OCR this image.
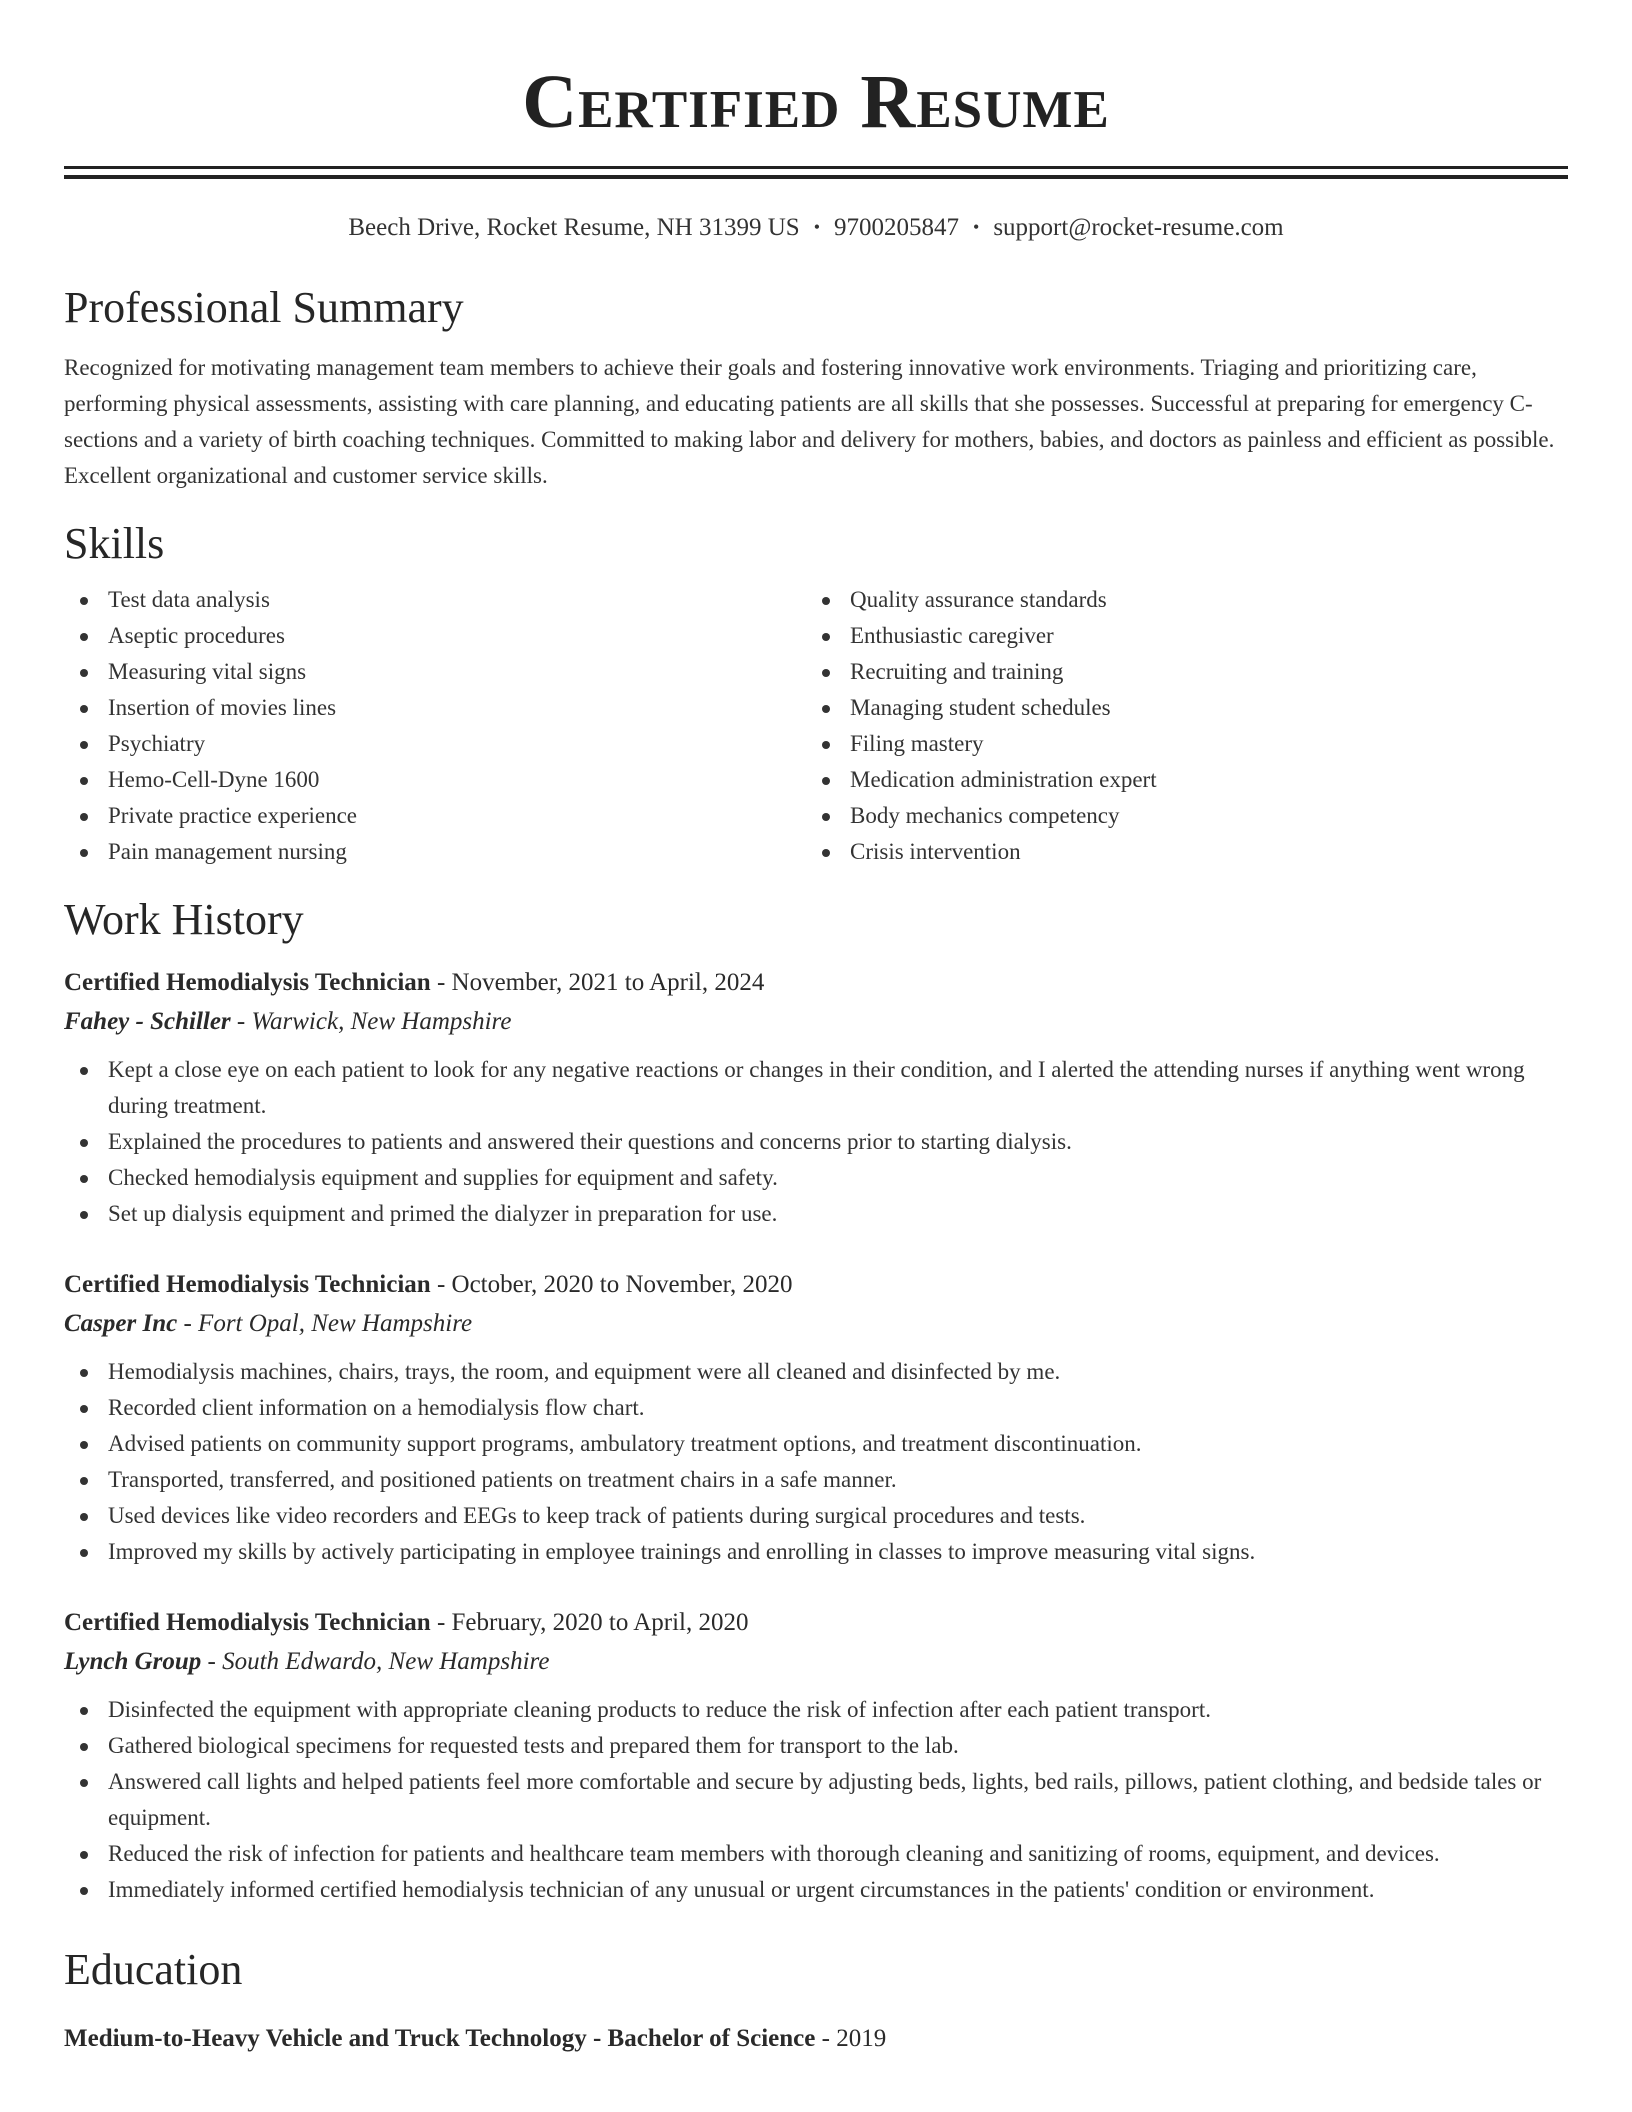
Certified Resume
Beech Drive, Rocket Resume, NH 31399 US • 9700205847 • support@rocket-resume.com
Professional Summary

Recognized for motivating management team members to achieve their goals and fostering innovative work environments. Triaging and prioritizing care, performing physical assessments, assisting with care planning, and educating patients are all skills that she possesses. Successful at preparing for emergency C-sections and a variety of birth coaching techniques. Committed to making labor and delivery for mothers, babies, and doctors as painless and efficient as possible. Excellent organizational and customer service skills.

Skills
Test data analysis
Aseptic procedures
Measuring vital signs
Insertion of movies lines
Psychiatry
Hemo-Cell-Dyne 1600
Private practice experience
Pain management nursing
Quality assurance standards
Enthusiastic caregiver
Recruiting and training
Managing student schedules
Filing mastery
Medication administration expert
Body mechanics competency
Crisis intervention
Work History
Certified Hemodialysis Technician - November, 2021 to April, 2024
Fahey - Schiller - Warwick, New Hampshire
Kept a close eye on each patient to look for any negative reactions or changes in their condition, and I alerted the attending nurses if anything went wrong during treatment.
Explained the procedures to patients and answered their questions and concerns prior to starting dialysis.
Checked hemodialysis equipment and supplies for equipment and safety.
Set up dialysis equipment and primed the dialyzer in preparation for use.
Certified Hemodialysis Technician - October, 2020 to November, 2020
Casper Inc - Fort Opal, New Hampshire
Hemodialysis machines, chairs, trays, the room, and equipment were all cleaned and disinfected by me.
Recorded client information on a hemodialysis flow chart.
Advised patients on community support programs, ambulatory treatment options, and treatment discontinuation.
Transported, transferred, and positioned patients on treatment chairs in a safe manner.
Used devices like video recorders and EEGs to keep track of patients during surgical procedures and tests.
Improved my skills by actively participating in employee trainings and enrolling in classes to improve measuring vital signs.
Certified Hemodialysis Technician - February, 2020 to April, 2020
Lynch Group - South Edwardo, New Hampshire
Disinfected the equipment with appropriate cleaning products to reduce the risk of infection after each patient transport.
Gathered biological specimens for requested tests and prepared them for transport to the lab.
Answered call lights and helped patients feel more comfortable and secure by adjusting beds, lights, bed rails, pillows, patient clothing, and bedside tales or equipment.
Reduced the risk of infection for patients and healthcare team members with thorough cleaning and sanitizing of rooms, equipment, and devices.
Immediately informed certified hemodialysis technician of any unusual or urgent circumstances in the patients' condition or environment.
Education
Medium-to-Heavy Vehicle and Truck Technology - Bachelor of Science - 2019
